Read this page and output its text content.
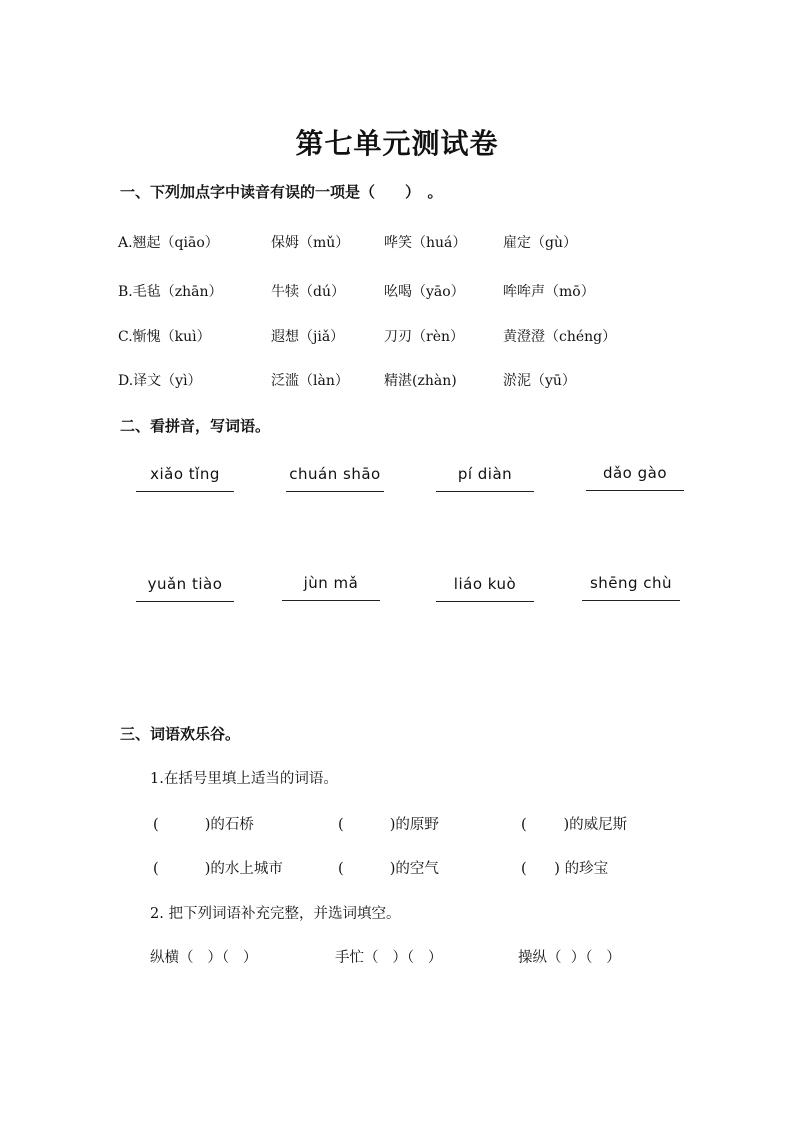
第七单元测试卷
一、下列加点字中读音有误的一项是（　　）　。
A.翘起（qiāo）	保姆（mǔ） 哗笑（huá）	雇定（gù）
B.毛毡（zhān）	牛犊（dú）	吆喝（yāo）	哞哞声（mō）
C.惭愧（kuì）	遐想（jiǎ）	刀刃（rèn）	黄澄澄（chéng）
D.译文（yì）	泛滥（làn）	精湛(zhàn)	淤泥（yū）
二、看拼音，写词语。
xiǎo tǐng	chuán shāo	pí diàn	dǎo gào
yuǎn tiào	jùn mǎ	liáo kuò	shēng chù
三、词语欢乐谷。
1.在括号里填上适当的词语。
(          )的石桥	(          )的原野	(        )的威尼斯
(          )的水上城市	(          )的空气	(      ) 的珍宝
2. 把下列词语补充完整，并选词填空。
纵横（   ）（   ）	手忙（   ）（   ）	操纵（  ）（   ）
